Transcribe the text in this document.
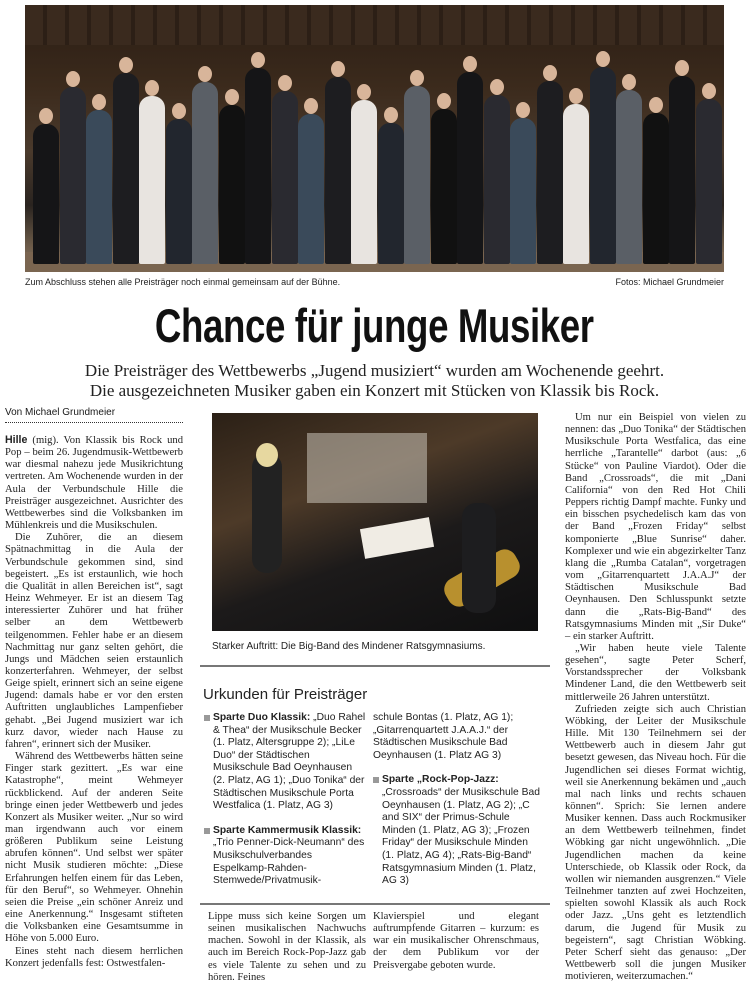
Zum Abschluss stehen alle Preisträger noch einmal gemeinsam auf der Bühne.	Fotos: Michael Grundmeier
Chance für junge Musiker
Die Preisträger des Wettbewerbs „Jugend musiziert“ wurden am Wochenende geehrt.
Die ausgezeichneten Musiker gaben ein Konzert mit Stücken von Klassik bis Rock.
Von Michael Grundmeier

Hille (mig). Von Klassik bis Rock und Pop – beim 26. Jugendmusik-Wettbewerb war diesmal nahezu jede Musikrichtung vertreten. Am Wochenende wurden in der Aula der Verbundschule Hille die Preisträger ausgezeichnet. Ausrichter des Wettbewerbes sind die Volksbanken im Mühlenkreis und die Musikschulen.

Die Zuhörer, die an diesem Spätnachmittag in die Aula der Verbundschule gekommen sind, sind begeistert. „Es ist erstaunlich, wie hoch die Qualität in allen Bereichen ist“, sagt Heinz Wehmeyer. Er ist an diesem Tag interessierter Zuhörer und hat früher selber an dem Wettbewerb teilgenommen. Fehler habe er an diesem Nachmittag nur ganz selten gehört, die Jungs und Mädchen seien erstaunlich konzerterfahren. Wehmeyer, der selbst Geige spielt, erinnert sich an seine eigene Jugend: damals habe er vor den ersten Auftritten unglaubliches Lampenfieber gehabt. „Bei Jugend musiziert war ich kurz davor, wieder nach Hause zu fahren“, erinnert sich der Musiker.

Während des Wettbewerbs hätten seine Finger stark gezittert. „Es war eine Katastrophe“, meint Wehmeyer rückblickend. Auf der anderen Seite bringe einen jeder Wettbewerb und jedes Konzert als Musiker weiter. „Nur so wird man irgendwann auch vor einem größeren Publikum seine Leistung abrufen können“. Und selbst wer später nicht Musik studieren möchte: „Diese Erfahrungen helfen einem für das Leben, für den Beruf“, so Wehmeyer. Ohnehin seien die Preise „ein schöner Anreiz und eine Anerkennung.“ Insgesamt stifteten die Volksbanken eine Gesamtsumme in Höhe von 5.000 Euro.

Eines steht nach diesem herrlichen Konzert jedenfalls fest: Ostwestfalen-

Starker Auftritt: Die Big-Band des Mindener Ratsgymnasiums.
Urkunden für Preisträger
Sparte Duo Klassik: „Duo Rahel & Thea“ der Musikschule Becker (1. Platz, Altersgruppe 2); „LiLe Duo“ der Städtischen Musikschule Bad Oeynhausen (2. Platz, AG 1); „Duo Tonika“ der Städtischen Musikschule Porta Westfalica (1. Platz, AG 3)
Sparte Kammermusik Klassik: „Trio Penner-Dick-Neumann“ des Musikschulverbandes Espelkamp-Rahden-Stemwede/Privatmusik-
schule Bontas (1. Platz, AG 1); „Gitarrenquartett J.A.A.J.“ der Städtischen Musikschule Bad Oeynhausen (1. Platz AG 3)
Sparte „Rock-Pop-Jazz: „Crossroads“ der Musikschule Bad Oeynhausen (1. Platz, AG 2); „C and SIX“ der Primus-Schule Minden (1. Platz, AG 3); „Frozen Friday“ der Musikschule Minden (1. Platz, AG 4); „Rats-Big-Band“ Ratsgymnasium Minden (1. Platz, AG 3)

Lippe muss sich keine Sorgen um seinen musikalischen Nachwuchs machen. Sowohl in der Klassik, als auch im Bereich Rock-Pop-Jazz gab es viele Talente zu sehen und zu hören. Feines

Klavierspiel und elegant auftrumpfende Gitarren – kurzum: es war ein musikalischer Ohrenschmaus, der dem Publikum vor der Preisvergabe geboten wurde.

Um nur ein Beispiel von vielen zu nennen: das „Duo Tonika“ der Städtischen Musikschule Porta Westfalica, das eine herrliche „Tarantelle“ darbot (aus: „6 Stücke“ von Pauline Viardot). Oder die Band „Crossroads“, die mit „Dani California“ von den Red Hot Chili Peppers richtig Dampf machte. Funky und ein bisschen psychedelisch kam das von der Band „Frozen Friday“ selbst komponierte „Blue Sunrise“ daher. Komplexer und wie ein abgezirkelter Tanz klang die „Rumba Catalan“, vorgetragen vom „Gitarrenquartett J.A.A.J“ der Städtischen Musikschule Bad Oeynhausen. Den Schlusspunkt setzte dann die „Rats-Big-Band“ des Ratsgymnasiums Minden mit „Sir Duke“ – ein starker Auftritt.

„Wir haben heute viele Talente gesehen“, sagte Peter Scherf, Vorstandssprecher der Volksbank Mindener Land, die den Wettbewerb seit mittlerweile 26 Jahren unterstützt.

Zufrieden zeigte sich auch Christian Wöbking, der Leiter der Musikschule Hille. Mit 130 Teilnehmern sei der Wettbewerb auch in diesem Jahr gut besetzt gewesen, das Niveau hoch. Für die Jugendlichen sei dieses Format wichtig, weil sie Anerkennung bekämen und „auch mal nach links und rechts schauen können“. Sprich: Sie lernen andere Musiker kennen. Dass auch Rockmusiker an dem Wettbewerb teilnehmen, findet Wöbking gar nicht ungewöhnlich. „Die Jugendlichen machen da keine Unterschiede, ob Klassik oder Rock, da wollen wir niemanden ausgrenzen.“ Viele Teilnehmer tanzten auf zwei Hochzeiten, spielten sowohl Klassik als auch Rock oder Jazz. „Uns geht es letztendlich darum, die Jugend für Musik zu begeistern“, sagt Christian Wöbking. Peter Scherf sieht das genauso: „Der Wettbewerb soll die jungen Musiker motivieren, weiterzumachen.“
